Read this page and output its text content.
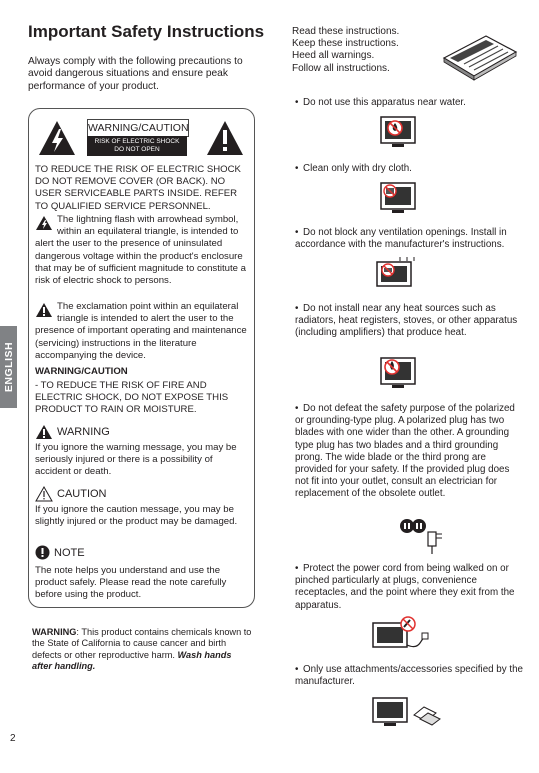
Important Safety Instructions
Always comply with the following precautions to avoid dangerous situations and ensure peak performance of your product.
ENGLISH
WARNING/CAUTION
RISK OF ELECTRIC SHOCK
DO NOT OPEN
TO REDUCE THE RISK OF ELECTRIC SHOCK DO NOT REMOVE COVER (OR BACK). NO USER SERVICEABLE PARTS INSIDE. REFER TO QUALIFIED SERVICE PERSONNEL.
The lightning flash with arrowhead symbol, within an equilateral triangle, is intended to alert the user to the presence of uninsulated dangerous voltage within the product's enclosure that may be of sufficient magnitude to constitute a risk of electric shock to persons.
The exclamation point within an equilateral triangle is intended to alert the user to the presence of important operating and maintenance (servicing) instructions in the literature accompanying the device.
WARNING/CAUTION
- TO REDUCE THE RISK OF FIRE AND ELECTRIC SHOCK, DO NOT EXPOSE THIS PRODUCT TO RAIN OR MOISTURE.
WARNING
If you ignore the warning message, you may be seriously injured or there is a possibility of accident or death.
CAUTION
If you ignore the caution message, you may be slightly injured or the product may be damaged.
NOTE
The note helps you understand and use the product safely. Please read the note carefully before using the product.
WARNING: This product contains chemicals known to the State of California to cause cancer and birth defects or other reproductive harm. Wash hands after handling.
2
Read these instructions.
Keep these instructions.
Heed all warnings.
Follow all instructions.
• Do not use this apparatus near water.
• Clean only with dry cloth.
• Do not block any ventilation openings. Install in accordance with the manufacturer's instructions.
• Do not install near any heat sources such as radiators, heat registers, stoves, or other apparatus (including amplifiers) that produce heat.
• Do not defeat the safety purpose of the polarized or grounding-type plug. A polarized plug has two blades with one wider than the other. A grounding type plug has two blades and a third grounding prong. The wide blade or the third prong are provided for your safety. If the provided plug does not fit into your outlet, consult an electrician for replacement of the obsolete outlet.
• Protect the power cord from being walked on or pinched particularly at plugs, convenience receptacles, and the point where they exit from the apparatus.
• Only use attachments/accessories specified by the manufacturer.
